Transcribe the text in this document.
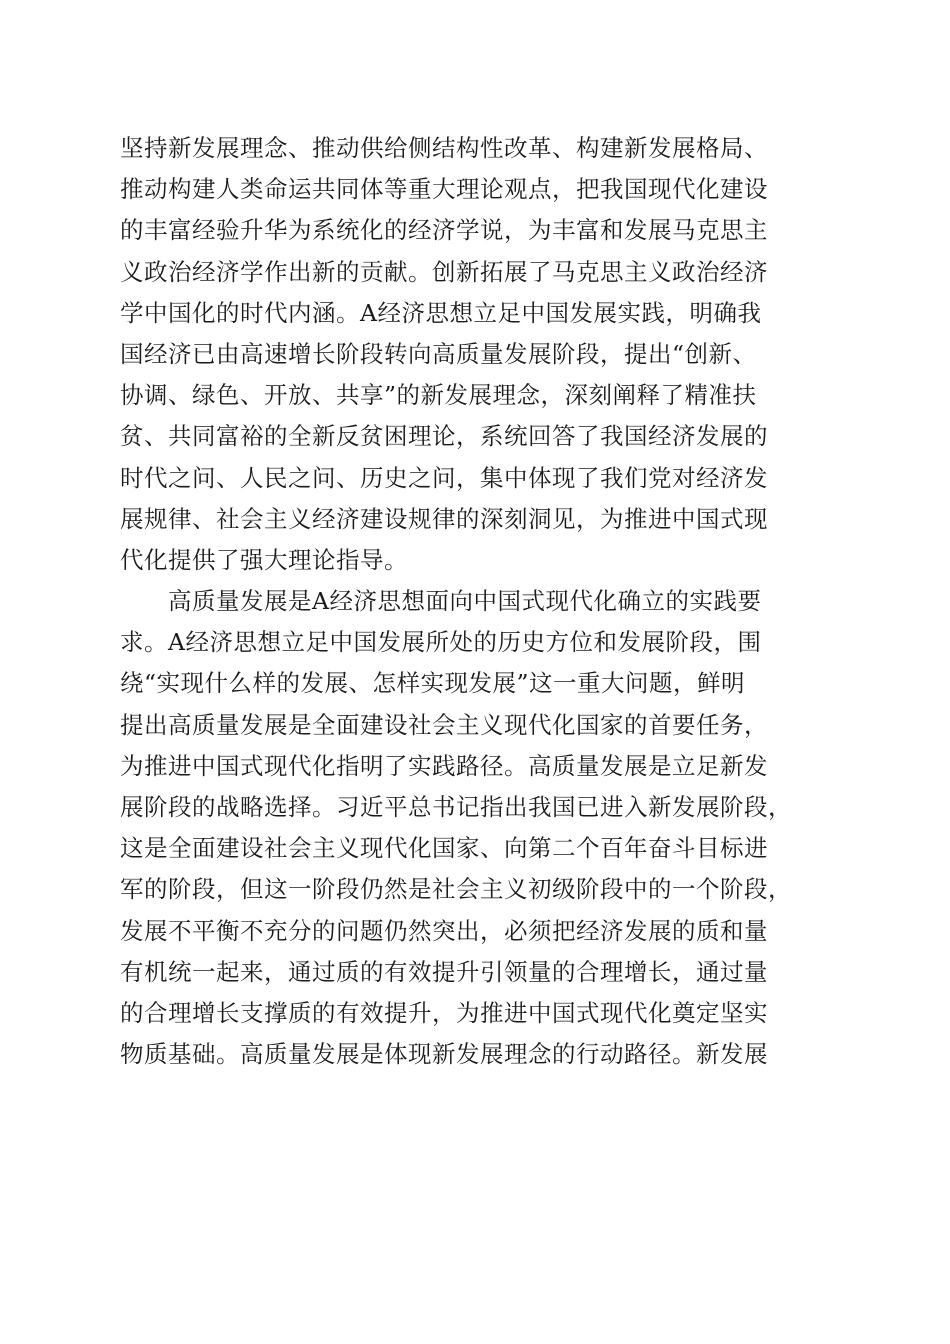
坚持新发展理念、推动供给侧结构性改革、构建新发展格局、
推动构建人类命运共同体等重大理论观点，把我国现代化建设
的丰富经验升华为系统化的经济学说，为丰富和发展马克思主
义政治经济学作出新的贡献。创新拓展了马克思主义政治经济
学中国化的时代内涵。A经济思想立足中国发展实践，明确我
国经济已由高速增长阶段转向高质量发展阶段，提出“创新、
协调、绿色、开放、共享”的新发展理念，深刻阐释了精准扶
贫、共同富裕的全新反贫困理论，系统回答了我国经济发展的
时代之问、人民之问、历史之问，集中体现了我们党对经济发
展规律、社会主义经济建设规律的深刻洞见，为推进中国式现
代化提供了强大理论指导。
　　高质量发展是A经济思想面向中国式现代化确立的实践要
求。A经济思想立足中国发展所处的历史方位和发展阶段，围
绕“实现什么样的发展、怎样实现发展”这一重大问题，鲜明
提出高质量发展是全面建设社会主义现代化国家的首要任务，
为推进中国式现代化指明了实践路径。高质量发展是立足新发
展阶段的战略选择。习近平总书记指出我国已进入新发展阶段，
这是全面建设社会主义现代化国家、向第二个百年奋斗目标进
军的阶段，但这一阶段仍然是社会主义初级阶段中的一个阶段，
发展不平衡不充分的问题仍然突出，必须把经济发展的质和量
有机统一起来，通过质的有效提升引领量的合理增长，通过量
的合理增长支撑质的有效提升，为推进中国式现代化奠定坚实
物质基础。高质量发展是体现新发展理念的行动路径。新发展
